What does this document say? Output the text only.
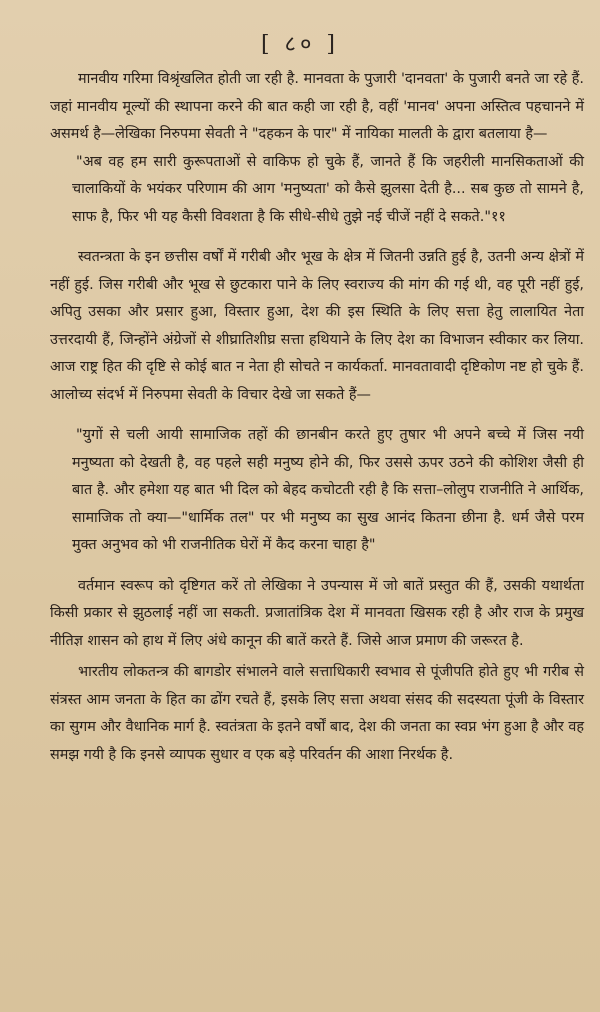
[ ८० ]

मानवीय गरिमा विश्रृंखलित होती जा रही है. मानवता के पुजारी 'दानवता' के पुजारी बनते जा रहे हैं. जहां मानवीय मूल्यों की स्थापना करने की बात कही जा रही है, वहीं 'मानव' अपना अस्तित्व पहचानने में असमर्थ है—लेखिका निरुपमा सेवती ने "दहकन के पार" में नायिका मालती के द्वारा बतलाया है—

"अब वह हम सारी कुरूपताओं से वाकिफ हो चुके हैं, जानते हैं कि जहरीली मानसिकताओं की चालाकियों के भयंकर परिणाम की आग 'मनुष्यता' को कैसे झुलसा देती है... सब कुछ तो सामने है, साफ है, फिर भी यह कैसी विवशता है कि सीधे-सीधे तुझे नई चीजें नहीं दे सकते."११

स्वतन्त्रता के इन छत्तीस वर्षों में गरीबी और भूख के क्षेत्र में जितनी उन्नति हुई है, उतनी अन्य क्षेत्रों में नहीं हुई. जिस गरीबी और भूख से छुटकारा पाने के लिए स्वराज्य की मांग की गई थी, वह पूरी नहीं हुई, अपितु उसका और प्रसार हुआ, विस्तार हुआ, देश की इस स्थिति के लिए सत्ता हेतु लालायित नेता उत्तरदायी हैं, जिन्होंने अंग्रेजों से शीघ्रातिशीघ्र सत्ता हथियाने के लिए देश का विभाजन स्वीकार कर लिया. आज राष्ट्र हित की दृष्टि से कोई बात न नेता ही सोचते न कार्यकर्ता. मानवतावादी दृष्टिकोण नष्ट हो चुके हैं. आलोच्य संदर्भ में निरुपमा सेवती के विचार देखे जा सकते हैं—

"युगों से चली आयी सामाजिक तहों की छानबीन करते हुए तुषार भी अपने बच्चे में जिस नयी मनुष्यता को देखती है, वह पहले सही मनुष्य होने की, फिर उससे ऊपर उठने की कोशिश जैसी ही बात है. और हमेशा यह बात भी दिल को बेहद कचोटती रही है कि सत्ता–लोलुप राजनीति ने आर्थिक, सामाजिक तो क्या—"धार्मिक तल" पर भी मनुष्य का सुख आनंद कितना छीना है. धर्म जैसे परम मुक्त अनुभव को भी राजनीतिक घेरों में कैद करना चाहा है"

वर्तमान स्वरूप को दृष्टिगत करें तो लेखिका ने उपन्यास में जो बातें प्रस्तुत की हैं, उसकी यथार्थता किसी प्रकार से झुठलाई नहीं जा सकती. प्रजातांत्रिक देश में मानवता खिसक रही है और राज के प्रमुख नीतिज्ञ शासन को हाथ में लिए अंधे कानून की बातें करते हैं. जिसे आज प्रमाण की जरूरत है.

भारतीय लोकतन्त्र की बागडोर संभालने वाले सत्ताधिकारी स्वभाव से पूंजीपति होते हुए भी गरीब से संत्रस्त आम जनता के हित का ढोंग रचते हैं, इसके लिए सत्ता अथवा संसद की सदस्यता पूंजी के विस्तार का सुगम और वैधानिक मार्ग है. स्वतंत्रता के इतने वर्षों बाद, देश की जनता का स्वप्न भंग हुआ है और वह समझ गयी है कि इनसे व्यापक सुधार व एक बड़े परिवर्तन की आशा निरर्थक है.
